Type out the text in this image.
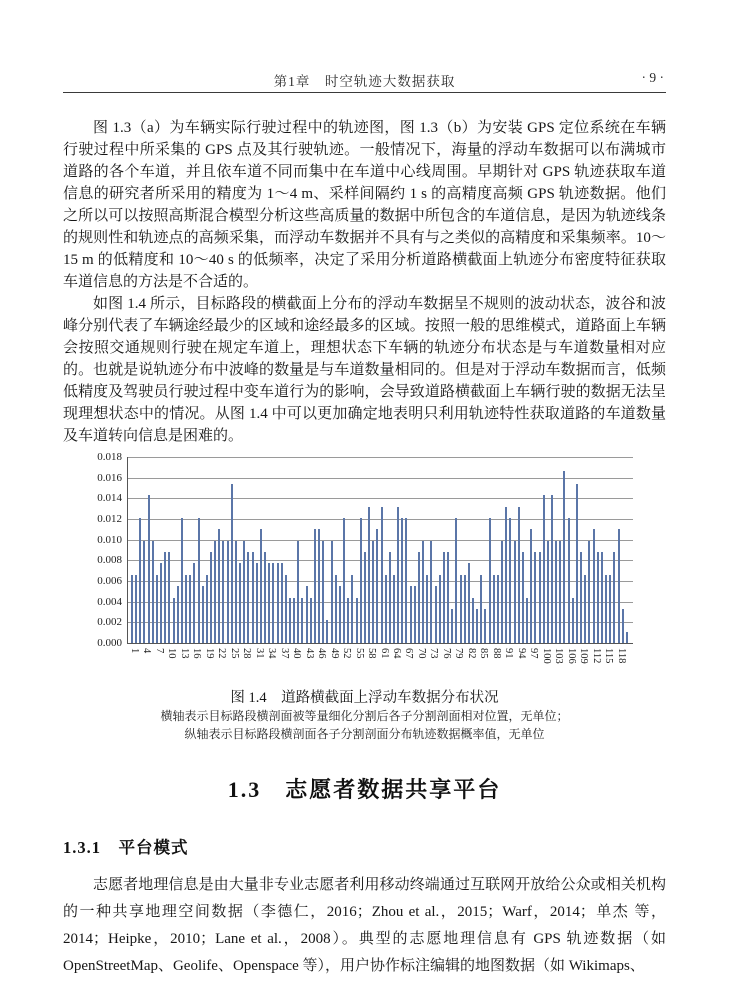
第1章　时空轨迹大数据获取	· 9 ·

图 1.3（a）为车辆实际行驶过程中的轨迹图，图 1.3（b）为安装 GPS 定位系统在车辆行驶过程中所采集的 GPS 点及其行驶轨迹。一般情况下，海量的浮动车数据可以布满城市道路的各个车道，并且依车道不同而集中在车道中心线周围。早期针对 GPS 轨迹获取车道信息的研究者所采用的精度为 1～4 m、采样间隔约 1 s 的高精度高频 GPS 轨迹数据。他们之所以可以按照高斯混合模型分析这些高质量的数据中所包含的车道信息，是因为轨迹线条的规则性和轨迹点的高频采集，而浮动车数据并不具有与之类似的高精度和采集频率。10～15 m 的低精度和 10～40 s 的低频率，决定了采用分析道路横截面上轨迹分布密度特征获取车道信息的方法是不合适的。

如图 1.4 所示，目标路段的横截面上分布的浮动车数据呈不规则的波动状态，波谷和波峰分别代表了车辆途经最少的区域和途经最多的区域。按照一般的思维模式，道路面上车辆会按照交通规则行驶在规定车道上，理想状态下车辆的轨迹分布状态是与车道数量相对应的。也就是说轨迹分布中波峰的数量是与车道数量相同的。但是对于浮动车数据而言，低频低精度及驾驶员行驶过程中变车道行为的影响，会导致道路横截面上车辆行驶的数据无法呈现理想状态中的情况。从图 1.4 中可以更加确定地表明只利用轨迹特性获取道路的车道数量及车道转向信息是困难的。

0.000
0.002
0.004
0.006
0.008
0.010
0.012
0.014
0.016
0.018
1 4 7 10 13 16 19 22 25 28 31 34 37 40 43 46 49 52 55 58 61 64 67 70 73 76 79 82 85 88 91 94 97 100 103 106 109 112 115 118
图 1.4　道路横截面上浮动车数据分布状况
横轴表示目标路段横剖面被等量细化分割后各子分割剖面相对位置，无单位；
纵轴表示目标路段横剖面各子分割剖面分布轨迹数据概率值，无单位
1.3　志愿者数据共享平台
1.3.1　平台模式

志愿者地理信息是由大量非专业志愿者利用移动终端通过互联网开放给公众或相关机构的一种共享地理空间数据（李德仁，2016；Zhou et al.，2015；Warf，2014；单杰 等，2014；Heipke，2010；Lane et al.，2008）。典型的志愿地理信息有 GPS 轨迹数据（如 OpenStreetMap、Geolife、Openspace 等），用户协作标注编辑的地图数据（如 Wikimaps、
